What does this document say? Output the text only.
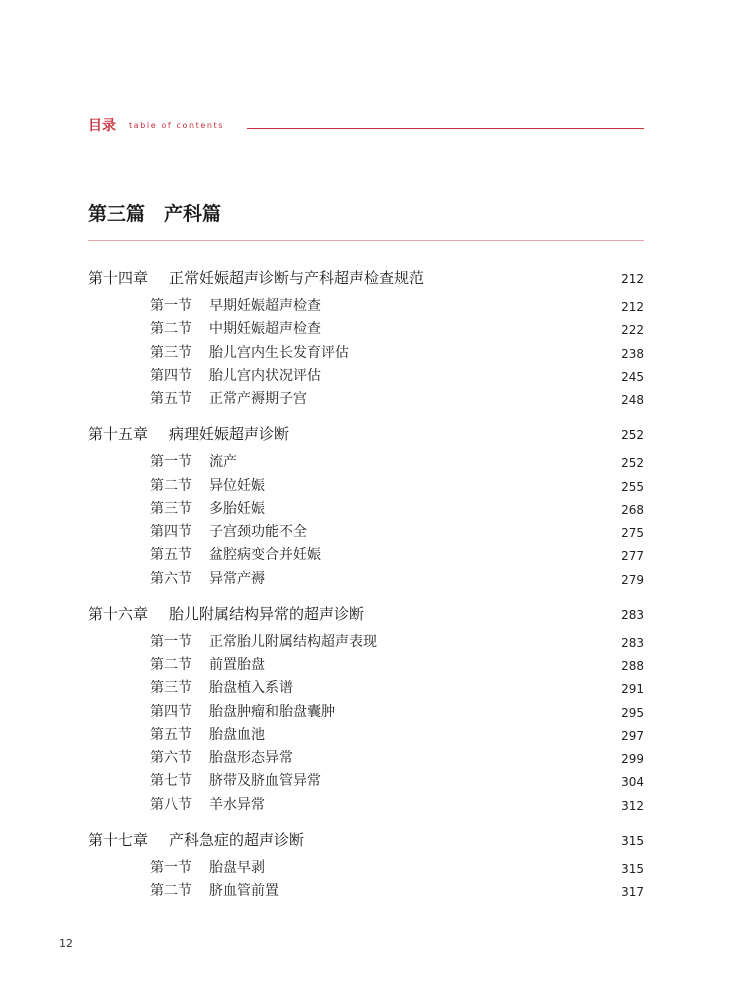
目录 table of contents
第三篇　产科篇
第十四章 正常妊娠超声诊断与产科超声检查规范	212
第一节 早期妊娠超声检查	212
第二节 中期妊娠超声检查	222
第三节 胎儿宫内生长发育评估	238
第四节 胎儿宫内状况评估	245
第五节 正常产褥期子宫	248
第十五章 病理妊娠超声诊断	252
第一节 流产	252
第二节 异位妊娠	255
第三节 多胎妊娠	268
第四节 子宫颈功能不全	275
第五节 盆腔病变合并妊娠	277
第六节 异常产褥	279
第十六章 胎儿附属结构异常的超声诊断	283
第一节 正常胎儿附属结构超声表现	283
第二节 前置胎盘	288
第三节 胎盘植入系谱	291
第四节 胎盘肿瘤和胎盘囊肿	295
第五节 胎盘血池	297
第六节 胎盘形态异常	299
第七节 脐带及脐血管异常	304
第八节 羊水异常	312
第十七章 产科急症的超声诊断	315
第一节 胎盘早剥	315
第二节 脐血管前置	317
12
